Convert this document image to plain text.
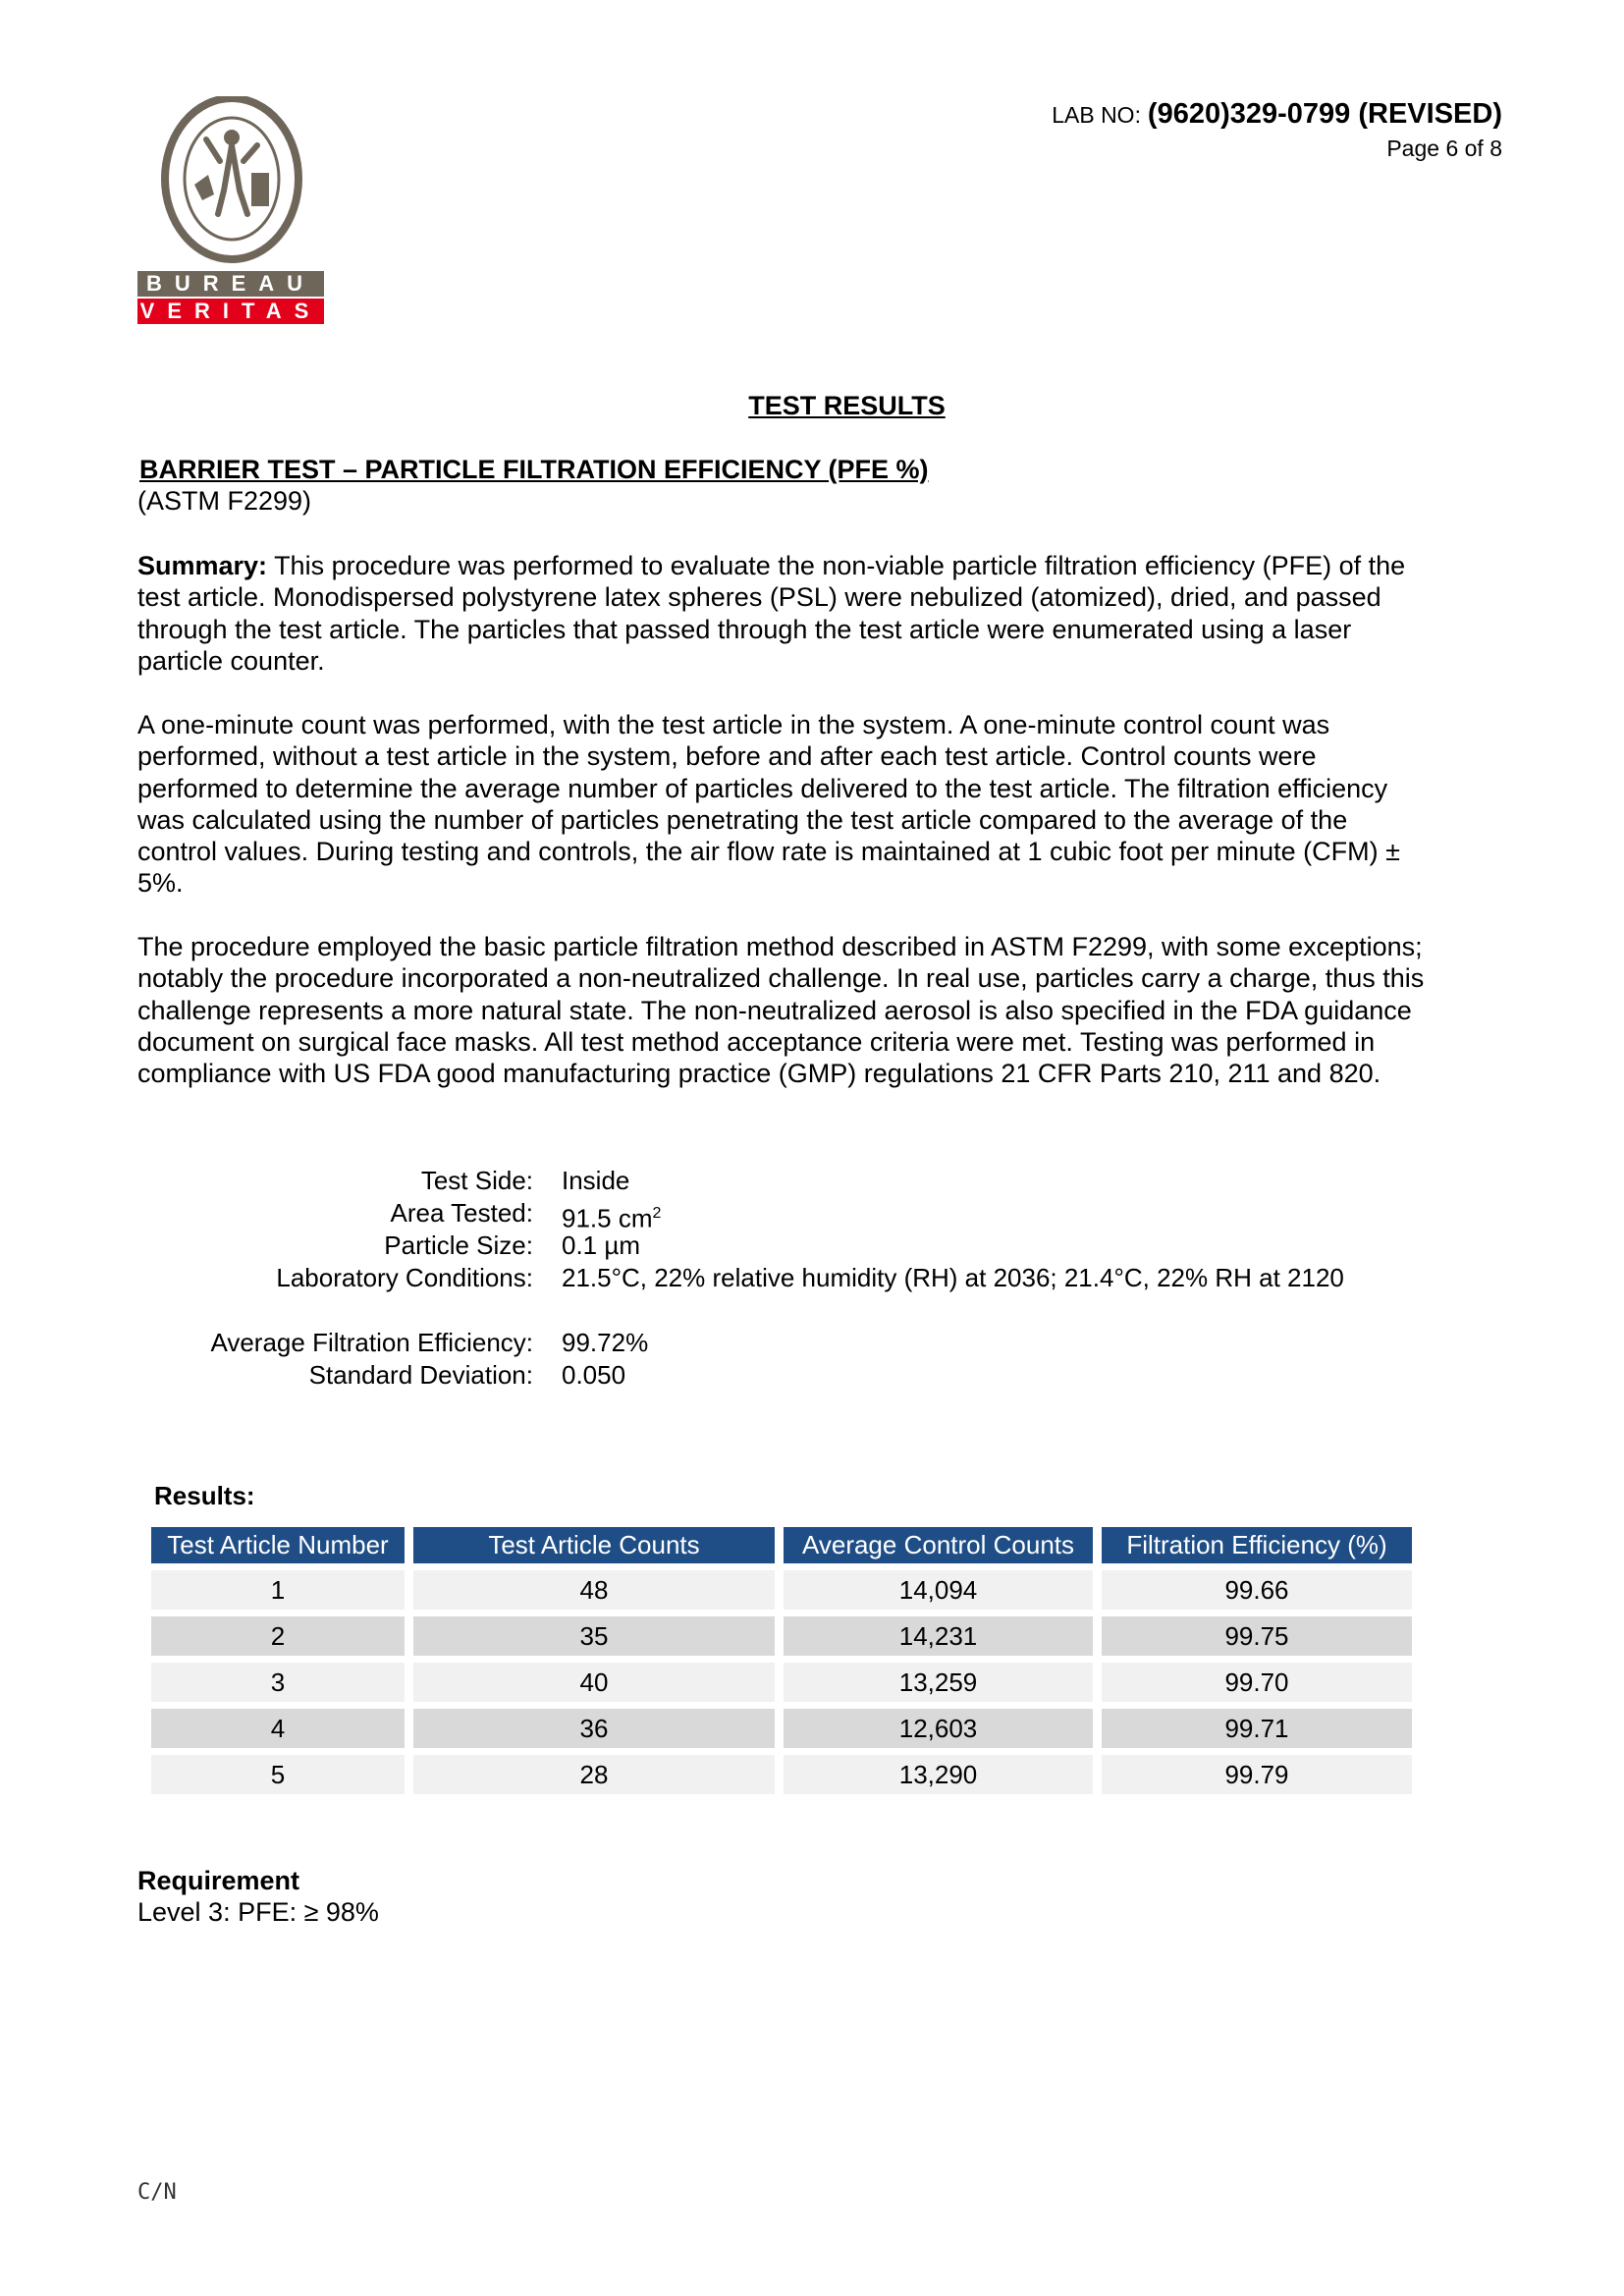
BUREAU
VERITAS
LAB NO: (9620)329-0799 (REVISED)
Page 6 of 8
TEST RESULTS
BARRIER TEST – PARTICLE FILTRATION EFFICIENCY (PFE %)
(ASTM F2299)
Summary: This procedure was performed to evaluate the non-viable particle filtration efficiency (PFE) of the test article. Monodispersed polystyrene latex spheres (PSL) were nebulized (atomized), dried, and passed through the test article. The particles that passed through the test article were enumerated using a laser particle counter.
A one-minute count was performed, with the test article in the system. A one-minute control count was performed, without a test article in the system, before and after each test article. Control counts were performed to determine the average number of particles delivered to the test article. The filtration efficiency was calculated using the number of particles penetrating the test article compared to the average of the control values. During testing and controls, the air flow rate is maintained at 1 cubic foot per minute (CFM) ± 5%.
The procedure employed the basic particle filtration method described in ASTM F2299, with some exceptions; notably the procedure incorporated a non-neutralized challenge. In real use, particles carry a charge, thus this challenge represents a more natural state. The non-neutralized aerosol is also specified in the FDA guidance document on surgical face masks. All test method acceptance criteria were met. Testing was performed in compliance with US FDA good manufacturing practice (GMP) regulations 21 CFR Parts 210, 211 and 820.
Test Side: Inside
Area Tested: 91.5 $cm^2$
Particle Size: 0.1 µm
Laboratory Conditions: 21.5°C, 22% relative humidity (RH) at 2036; 21.4°C, 22% RH at 2120
Average Filtration Efficiency: 99.72%
Standard Deviation: 0.050
Results:
Test Article Number	Test Article Counts	Average Control Counts	Filtration Efficiency (%)
1	48	14,094	99.66
2	35	14,231	99.75
3	40	13,259	99.70
4	36	12,603	99.71
5	28	13,290	99.79
Requirement
Level 3: PFE: ≥ 98%
C/N
